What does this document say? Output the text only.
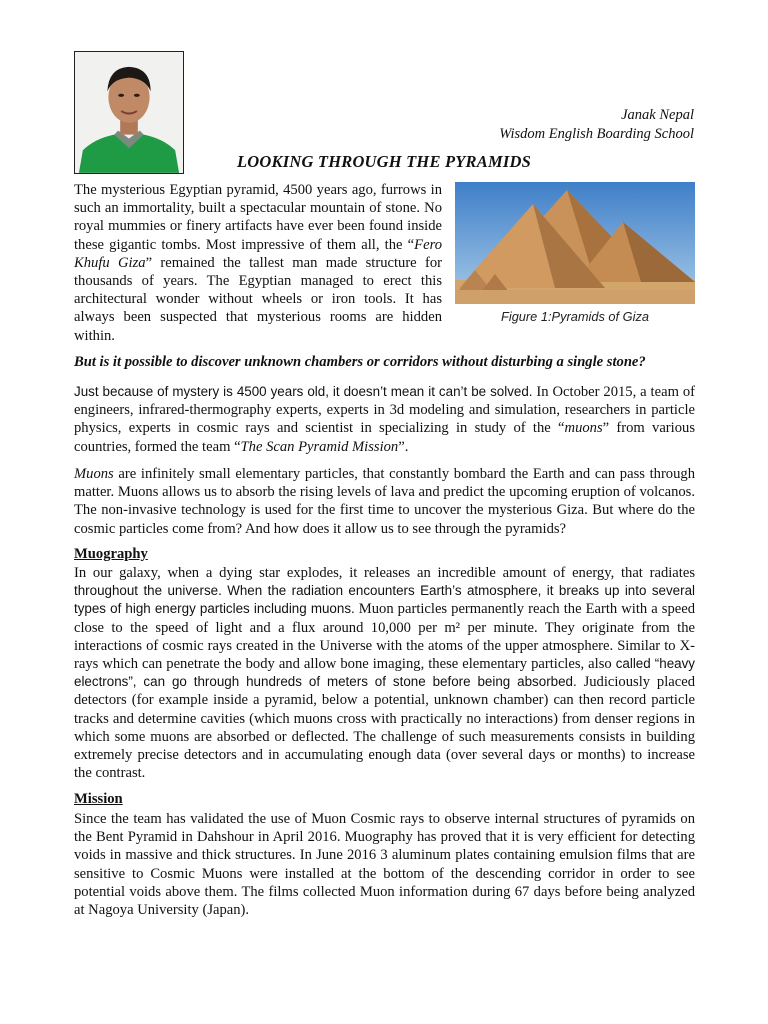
Janak Nepal
Wisdom English Boarding School
LOOKING THROUGH THE PYRAMIDS

The mysterious Egyptian pyramid, 4500 years ago, furrows in such an immortality, built a spectacular mountain of stone. No royal mummies or finery artifacts have ever been found inside these gigantic tombs. Most impressive of them all, the “Fero Khufu Giza” remained the tallest man made structure for thousands of years. The Egyptian managed to erect this architectural wonder without wheels or iron tools. It has always been suspected that mysterious rooms are hidden within.

Figure 1:Pyramids of Giza

But is it possible to discover unknown chambers or corridors without disturbing a single stone?

Just because of mystery is 4500 years old, it doesn’t mean it can’t be solved. In October 2015, a team of engineers, infrared-thermography experts, experts in 3d modeling and simulation, researchers in particle physics, experts in cosmic rays and scientist in specializing in study of the “muons” from various countries, formed the team “The Scan Pyramid Mission”.

Muons are infinitely small elementary particles, that constantly bombard the Earth and can pass through matter. Muons allows us to absorb the rising levels of lava and predict the upcoming eruption of volcanos. The non-invasive technology is used for the first time to uncover the mysterious Giza. But where do the cosmic particles come from? And how does it allow us to see through the pyramids?

Muography

In our galaxy, when a dying star explodes, it releases an incredible amount of energy, that radiates throughout the universe. When the radiation encounters Earth’s atmosphere, it breaks up into several types of high energy particles including muons. Muon particles permanently reach the Earth with a speed close to the speed of light and a flux around 10,000 per m² per minute. They originate from the interactions of cosmic rays created in the Universe with the atoms of the upper atmosphere. Similar to X-rays which can penetrate the body and allow bone imaging, these elementary particles, also called “heavy electrons”, can go through hundreds of meters of stone before being absorbed. Judiciously placed detectors (for example inside a pyramid, below a potential, unknown chamber) can then record particle tracks and determine cavities (which muons cross with practically no interactions) from denser regions in which some muons are absorbed or deflected. The challenge of such measurements consists in building extremely precise detectors and in accumulating enough data (over several days or months) to increase the contrast.

Mission

Since the team has validated the use of Muon Cosmic rays to observe internal structures of pyramids on the Bent Pyramid in Dahshour in April 2016. Muography has proved that it is very efficient for detecting voids in massive and thick structures. In June 2016 3 aluminum plates containing emulsion films that are sensitive to Cosmic Muons were installed at the bottom of the descending corridor in order to see potential voids above them. The films collected Muon information during 67 days before being analyzed at Nagoya University (Japan).
